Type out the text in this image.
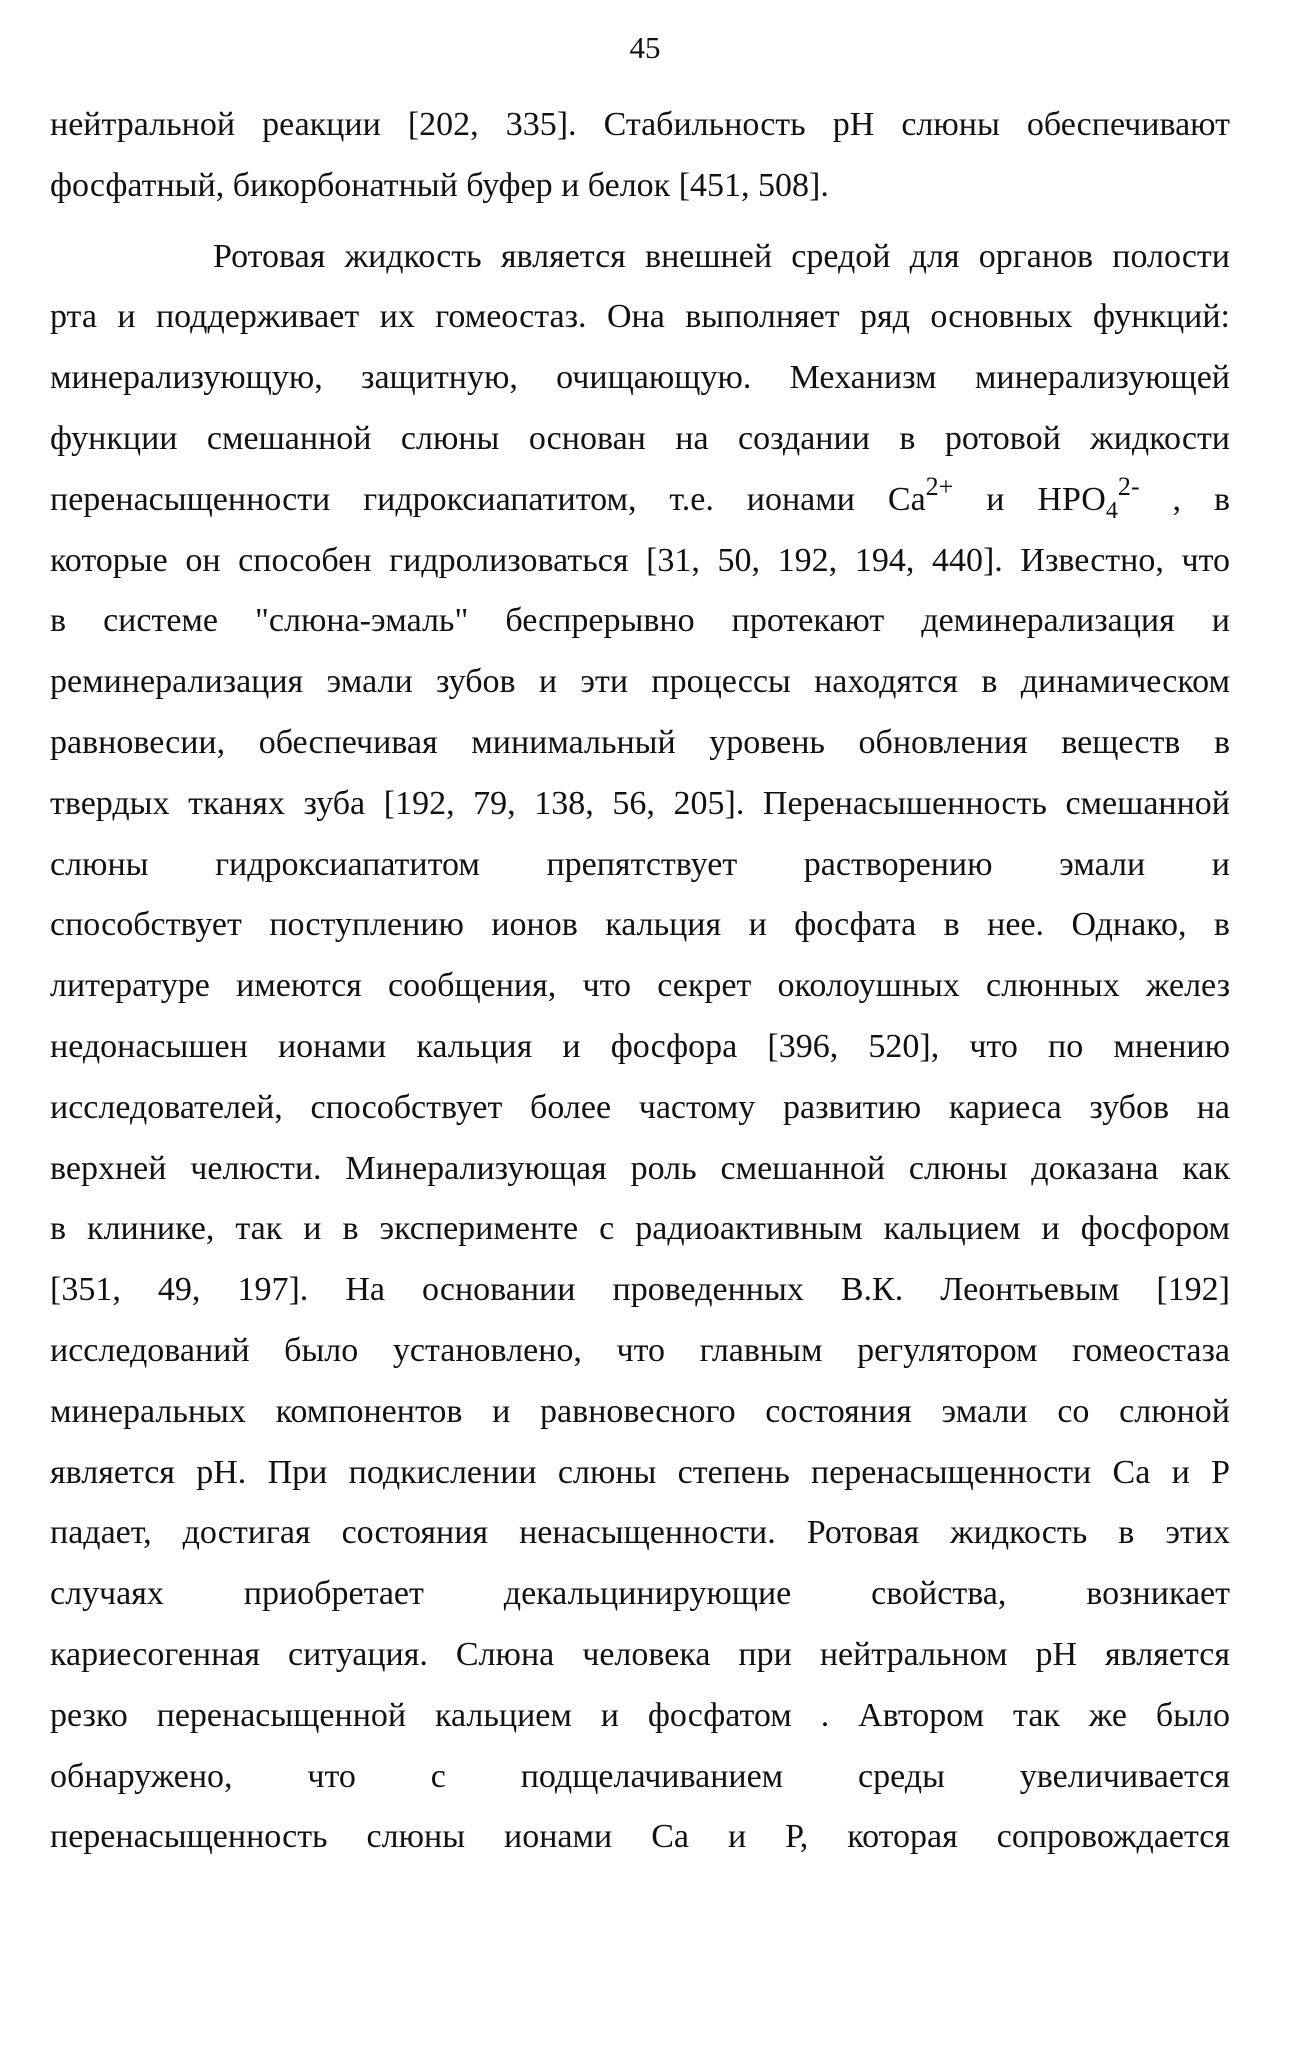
45
нейтральной реакции [202, 335]. Стабильность рН слюны обеспечивают
фосфатный, бикорбонатный буфер и белок [451, 508].
Ротовая жидкость является внешней средой для органов полости
рта и поддерживает их гомеостаз. Она выполняет ряд основных функций:
минерализующую, защитную, очищающую. Механизм минерализующей
функции смешанной слюны основан на создании в ротовой жидкости
перенасыщенности гидроксиапатитом, т.е. ионами $Са^{2+}$ и $НРО_4^{2-}$ , в
которые он способен гидролизоваться [31, 50, 192, 194, 440]. Известно, что
в системе "слюна-эмаль" беспрерывно протекают деминерализация и
реминерализация эмали зубов и эти процессы находятся в динамическом
равновесии, обеспечивая минимальный уровень обновления веществ в
твердых тканях зуба [192, 79, 138, 56, 205]. Перенасышенность смешанной
слюны гидроксиапатитом препятствует растворению эмали и
способствует поступлению ионов кальция и фосфата в нее. Однако, в
литературе имеются сообщения, что секрет околоушных слюнных желез
недонасышен ионами кальция и фосфора [396, 520], что по мнению
исследователей, способствует более частому развитию кариеса зубов на
верхней челюсти. Минерализующая роль смешанной слюны доказана как
в клинике, так и в эксперименте с радиоактивным кальцием и фосфором
[351, 49, 197]. На основании проведенных В.К. Леонтьевым [192]
исследований было установлено, что главным регулятором гомеостаза
минеральных компонентов и равновесного состояния эмали со слюной
является рН. При подкислении слюны степень перенасыщенности Са и Р
падает, достигая состояния ненасыщенности. Ротовая жидкость в этих
случаях приобретает декальцинирующие свойства, возникает
кариесогенная ситуация. Слюна человека при нейтральном рН является
резко перенасыщенной кальцием и фосфатом . Автором так же было
обнаружено, что с подщелачиванием среды увеличивается
перенасыщенность слюны ионами Са и Р, которая сопровождается
